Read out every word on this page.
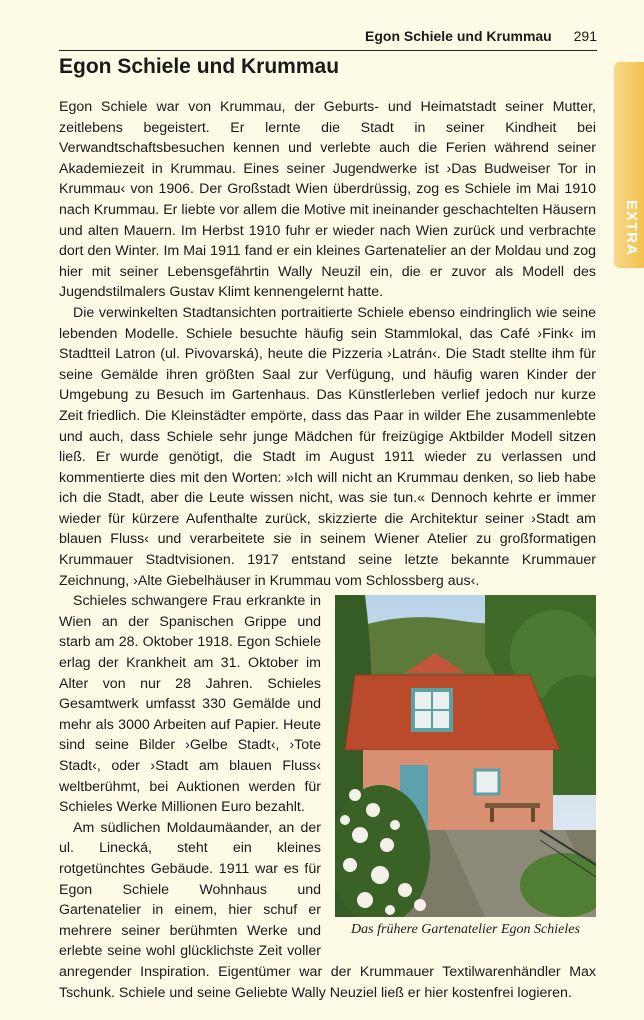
Egon Schiele und Krummau 291
EXTRA
Egon Schiele und Krummau

Egon Schiele war von Krummau, der Geburts- und Heimatstadt seiner Mutter, zeitlebens begeistert. Er lernte die Stadt in seiner Kindheit bei Verwandtschaftsbesuchen kennen und verlebte auch die Ferien während seiner Akademiezeit in Krummau. Eines seiner Jugendwerke ist ›Das Budweiser Tor in Krummau‹ von 1906. Der Großstadt Wien überdrüssig, zog es Schiele im Mai 1910 nach Krummau. Er liebte vor allem die Motive mit ineinander geschachtelten Häusern und alten Mauern. Im Herbst 1910 fuhr er wieder nach Wien zurück und verbrachte dort den Winter. Im Mai 1911 fand er ein kleines Gartenatelier an der Moldau und zog hier mit seiner Lebensgefährtin Wally Neuzil ein, die er zuvor als Modell des Jugendstilmalers Gustav Klimt kennengelernt hatte.

Die verwinkelten Stadtansichten portraitierte Schiele ebenso eindringlich wie seine lebenden Modelle. Schiele besuchte häufig sein Stammlokal, das Café ›Fink‹ im Stadtteil Latron (ul. Pivovarská), heute die Pizzeria ›Latrán‹. Die Stadt stellte ihm für seine Gemälde ihren größten Saal zur Verfügung, und häufig waren Kinder der Umgebung zu Besuch im Gartenhaus. Das Künstlerleben verlief jedoch nur kurze Zeit friedlich. Die Kleinstädter empörte, dass das Paar in wilder Ehe zusammenlebte und auch, dass Schiele sehr junge Mädchen für freizügige Aktbilder Modell sitzen ließ. Er wurde genötigt, die Stadt im August 1911 wieder zu verlassen und kommentierte dies mit den Worten: »Ich will nicht an Krummau denken, so lieb habe ich die Stadt, aber die Leute wissen nicht, was sie tun.« Dennoch kehrte er immer wieder für kürzere Aufenthalte zurück, skizzierte die Architektur seiner ›Stadt am blauen Fluss‹ und verarbeitete sie in seinem Wiener Atelier zu großformatigen Krummauer Stadtvisionen. 1917 entstand seine letzte bekannte Krummauer Zeichnung, ›Alte Giebelhäuser in Krummau vom Schlossberg aus‹.

Das frühere Gartenatelier Egon Schieles
Schieles schwangere Frau erkrankte in Wien an der Spanischen Grippe und starb am 28. Oktober 1918. Egon Schiele erlag der Krankheit am 31. Oktober im Alter von nur 28 Jahren. Schieles Gesamtwerk umfasst 330 Gemälde und mehr als 3000 Arbeiten auf Papier. Heute sind seine Bilder ›Gelbe Stadt‹, ›Tote Stadt‹, oder ›Stadt am blauen Fluss‹ weltberühmt, bei Auktionen werden für Schieles Werke Millionen Euro bezahlt.

Am südlichen Moldaumäander, an der ul. Linecká, steht ein kleines rotgetünchtes Gebäude. 1911 war es für Egon Schiele Wohnhaus und Gartenatelier in einem, hier schuf er mehrere seiner berühmten Werke und erlebte seine wohl glücklichste Zeit voller anregender Inspiration. Eigentümer war der Krummauer Textilwarenhändler Max Tschunk. Schiele und seine Geliebte Wally Neuziel ließ er hier kostenfrei logieren.
